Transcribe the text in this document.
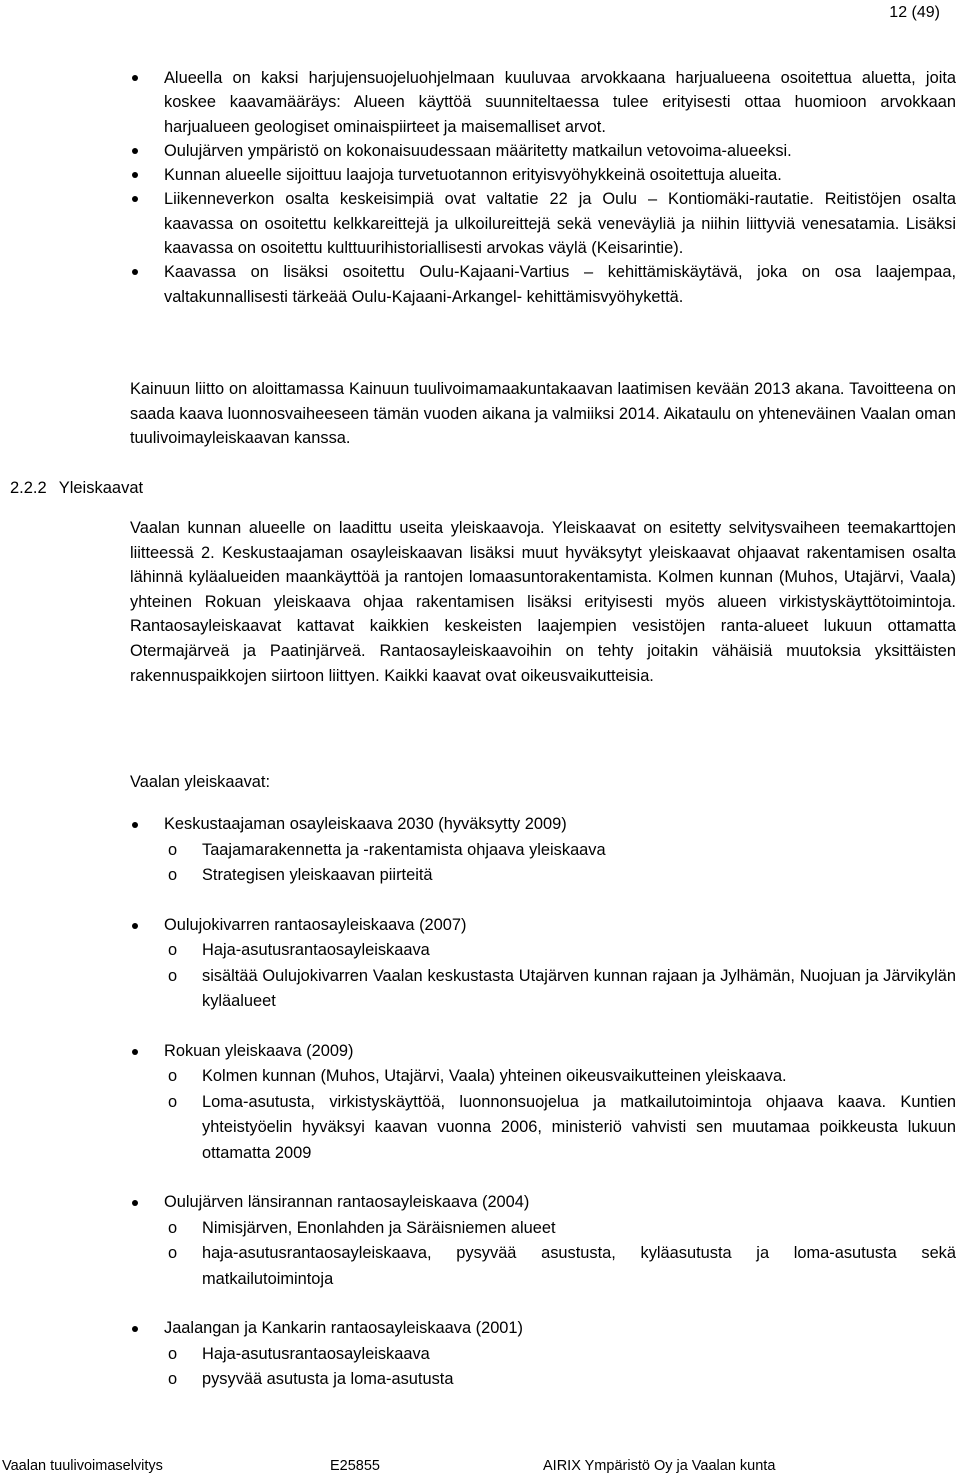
12 (49)
2.2.2 Yleiskaavat
Alueella on kaksi harjujensuojeluohjelmaan kuuluvaa arvokkaana harjualueena osoitettua aluetta, joita koskee kaavamääräys: Alueen käyttöä suunniteltaessa tulee erityisesti ottaa huomioon arvokkaan harjualueen geologiset ominaispiirteet ja maisemalliset arvot.
Oulujärven ympäristö on kokonaisuudessaan määritetty matkailun vetovoima-alueeksi.
Kunnan alueelle sijoittuu laajoja turvetuotannon erityisvyöhykkeinä osoitettuja alueita.
Liikenneverkon osalta keskeisimpiä ovat valtatie 22 ja Oulu – Kontiomäki-rautatie. Reitistöjen osalta kaavassa on osoitettu kelkkareittejä ja ulkoilureittejä sekä veneväyliä ja niihin liittyviä venesatamia. Lisäksi kaavassa on osoitettu kulttuurihistoriallisesti arvokas väylä (Keisarintie).
Kaavassa on lisäksi osoitettu Oulu-Kajaani-Vartius – kehittämiskäytävä, joka on osa laajempaa, valtakunnallisesti tärkeää Oulu-Kajaani-Arkangel- kehittämisvyöhykettä.

Kainuun liitto on aloittamassa Kainuun tuulivoimamaakuntakaavan laatimisen kevään 2013 akana. Tavoitteena on saada kaava luonnosvaiheeseen tämän vuoden aikana ja valmiiksi 2014. Aikataulu on yhteneväinen Vaalan oman tuulivoimayleiskaavan kanssa.

Vaalan kunnan alueelle on laadittu useita yleiskaavoja. Yleiskaavat on esitetty selvitysvaiheen teemakarttojen liitteessä 2. Keskustaajaman osayleiskaavan lisäksi muut hyväksytyt yleiskaavat ohjaavat rakentamisen osalta lähinnä kyläalueiden maankäyttöä ja rantojen lomaasuntorakentamista. Kolmen kunnan (Muhos, Utajärvi, Vaala) yhteinen Rokuan yleiskaava ohjaa rakentamisen lisäksi erityisesti myös alueen virkistyskäyttötoimintoja. Rantaosayleiskaavat kattavat kaikkien keskeisten laajempien vesistöjen ranta-alueet lukuun ottamatta Otermajärveä ja Paatinjärveä. Rantaosayleiskaavoihin on tehty joitakin vähäisiä muutoksia yksittäisten rakennuspaikkojen siirtoon liittyen. Kaikki kaavat ovat oikeusvaikutteisia.

Vaalan yleiskaavat:
Keskustaajaman osayleiskaava 2030 (hyväksytty 2009)
o Taajamarakennetta ja -rakentamista ohjaava yleiskaava
o Strategisen yleiskaavan piirteitä
Oulujokivarren rantaosayleiskaava (2007)
o Haja-asutusrantaosayleiskaava
o sisältää Oulujokivarren Vaalan keskustasta Utajärven kunnan rajaan ja Jylhämän, Nuojuan ja Järvikylän kyläalueet
Rokuan yleiskaava (2009)
o Kolmen kunnan (Muhos, Utajärvi, Vaala) yhteinen oikeusvaikutteinen yleiskaava.
o Loma-asutusta, virkistyskäyttöä, luonnonsuojelua ja matkailutoimintoja ohjaava kaava. Kuntien yhteistyöelin hyväksyi kaavan vuonna 2006, ministeriö vahvisti sen muutamaa poikkeusta lukuun ottamatta 2009
Oulujärven länsirannan rantaosayleiskaava (2004)
o Nimisjärven, Enonlahden ja Säräisniemen alueet
o haja-asutusrantaosayleiskaava, pysyvää asustusta, kyläasutusta ja loma-asutusta sekä matkailutoimintoja
Jaalangan ja Kankarin rantaosayleiskaava (2001)
o Haja-asutusrantaosayleiskaava
o pysyvää asutusta ja loma-asutusta
Vaalan tuulivoimaselvitys	E25855	AIRIX Ympäristö Oy ja Vaalan kunta
